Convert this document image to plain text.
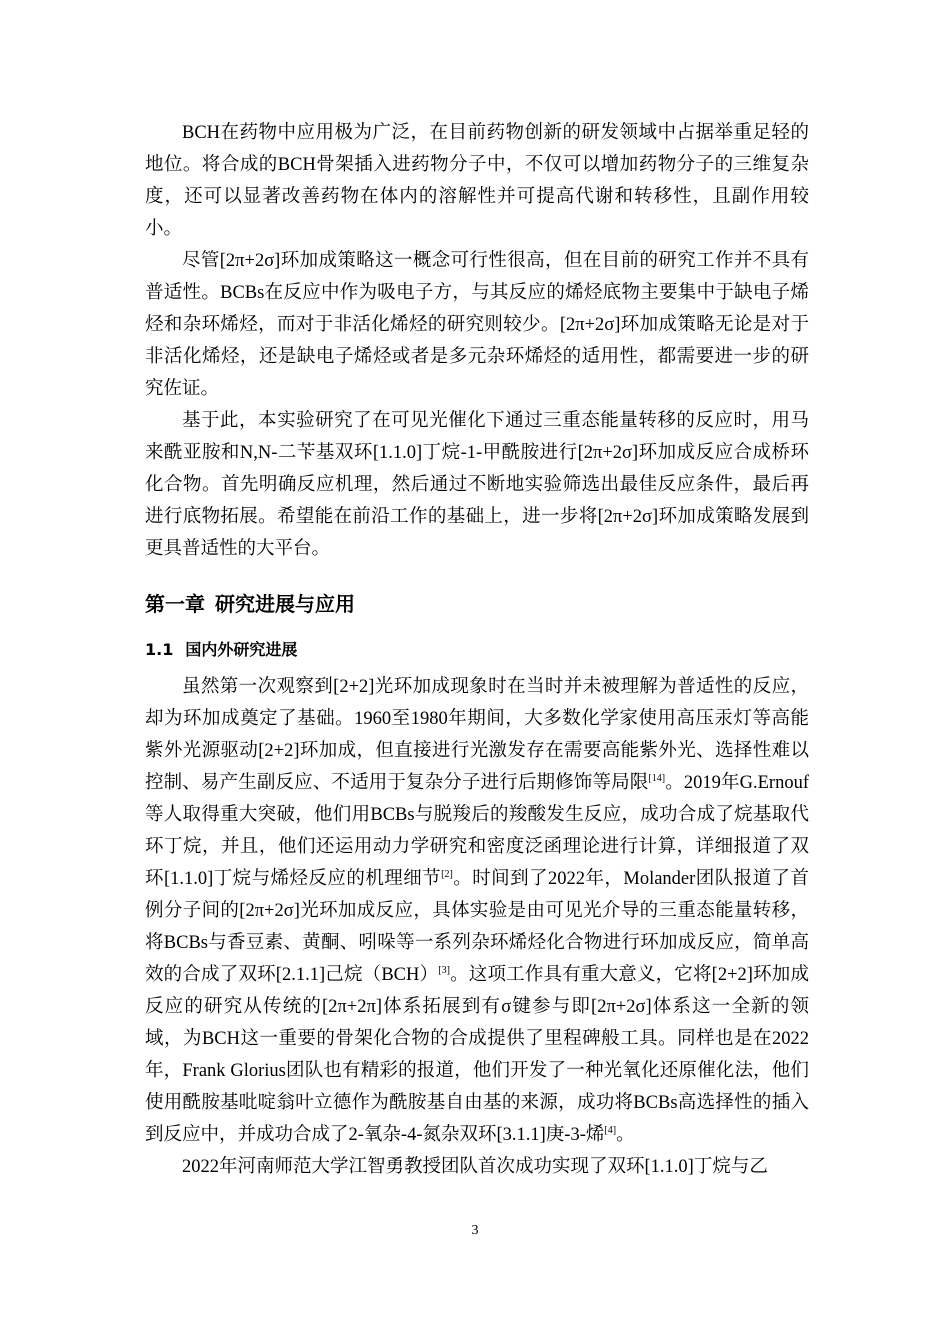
BCH在药物中应用极为广泛，在目前药物创新的研发领域中占据举重足轻的地位。将合成的BCH骨架插入进药物分子中，不仅可以增加药物分子的三维复杂度，还可以显著改善药物在体内的溶解性并可提高代谢和转移性，且副作用较小。

尽管[2π+2σ]环加成策略这一概念可行性很高，但在目前的研究工作并不具有普适性。BCBs在反应中作为吸电子方，与其反应的烯烃底物主要集中于缺电子烯烃和杂环烯烃，而对于非活化烯烃的研究则较少。[2π+2σ]环加成策略无论是对于非活化烯烃，还是缺电子烯烃或者是多元杂环烯烃的适用性，都需要进一步的研究佐证。

基于此，本实验研究了在可见光催化下通过三重态能量转移的反应时，用马来酰亚胺和N,N-二苄基双环[1.1.0]丁烷-1-甲酰胺进行[2π+2σ]环加成反应合成桥环化合物。首先明确反应机理，然后通过不断地实验筛选出最佳反应条件，最后再进行底物拓展。希望能在前沿工作的基础上，进一步将[2π+2σ]环加成策略发展到更具普适性的大平台。

第一章 研究进展与应用
1.1 国内外研究进展

虽然第一次观察到[2+2]光环加成现象时在当时并未被理解为普适性的反应，却为环加成奠定了基础。1960至1980年期间，大多数化学家使用高压汞灯等高能紫外光源驱动[2+2]环加成，但直接进行光激发存在需要高能紫外光、选择性难以控制、易产生副反应、不适用于复杂分子进行后期修饰等局限[14]。2019年G.Ernouf等人取得重大突破，他们用BCBs与脱羧后的羧酸发生反应，成功合成了烷基取代环丁烷，并且，他们还运用动力学研究和密度泛函理论进行计算，详细报道了双环[1.1.0]丁烷与烯烃反应的机理细节[2]。时间到了2022年，Molander团队报道了首例分子间的[2π+2σ]光环加成反应，具体实验是由可见光介导的三重态能量转移，将BCBs与香豆素、黄酮、吲哚等一系列杂环烯烃化合物进行环加成反应，简单高效的合成了双环[2.1.1]己烷（BCH）[3]。这项工作具有重大意义，它将[2+2]环加成反应的研究从传统的[2π+2π]体系拓展到有σ键参与即[2π+2σ]体系这一全新的领域，为BCH这一重要的骨架化合物的合成提供了里程碑般工具。同样也是在2022年，Frank Glorius团队也有精彩的报道，他们开发了一种光氧化还原催化法，他们使用酰胺基吡啶翁叶立德作为酰胺基自由基的来源，成功将BCBs高选择性的插入到反应中，并成功合成了2-氧杂-4-氮杂双环[3.1.1]庚-3-烯[4]。

2022年河南师范大学江智勇教授团队首次成功实现了双环[1.1.0]丁烷与乙

3
